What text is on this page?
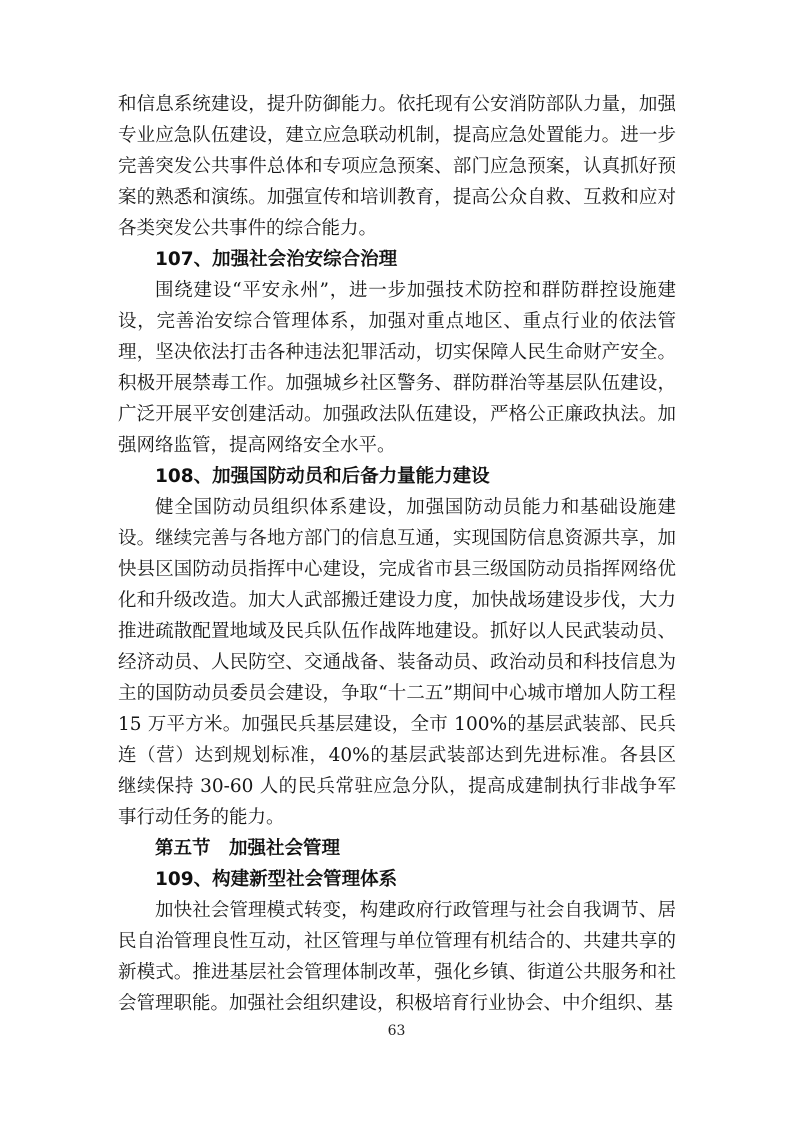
和信息系统建设，提升防御能力。依托现有公安消防部队力量，加强专业应急队伍建设，建立应急联动机制，提高应急处置能力。进一步完善突发公共事件总体和专项应急预案、部门应急预案，认真抓好预案的熟悉和演练。加强宣传和培训教育，提高公众自救、互救和应对各类突发公共事件的综合能力。

107、加强社会治安综合治理

围绕建设“平安永州”，进一步加强技术防控和群防群控设施建设，完善治安综合管理体系，加强对重点地区、重点行业的依法管理，坚决依法打击各种违法犯罪活动，切实保障人民生命财产安全。积极开展禁毒工作。加强城乡社区警务、群防群治等基层队伍建设，广泛开展平安创建活动。加强政法队伍建设，严格公正廉政执法。加强网络监管，提高网络安全水平。

108、加强国防动员和后备力量能力建设

健全国防动员组织体系建设，加强国防动员能力和基础设施建设。继续完善与各地方部门的信息互通，实现国防信息资源共享，加快县区国防动员指挥中心建设，完成省市县三级国防动员指挥网络优化和升级改造。加大人武部搬迁建设力度，加快战场建设步伐，大力推进疏散配置地域及民兵队伍作战阵地建设。抓好以人民武装动员、经济动员、人民防空、交通战备、装备动员、政治动员和科技信息为主的国防动员委员会建设，争取“十二五”期间中心城市增加人防工程 15 万平方米。加强民兵基层建设，全市 100%的基层武装部、民兵连（营）达到规划标准，40%的基层武装部达到先进标准。各县区继续保持 30-60 人的民兵常驻应急分队，提高成建制执行非战争军事行动任务的能力。

第五节　加强社会管理

109、构建新型社会管理体系

加快社会管理模式转变，构建政府行政管理与社会自我调节、居民自治管理良性互动，社区管理与单位管理有机结合的、共建共享的新模式。推进基层社会管理体制改革，强化乡镇、街道公共服务和社会管理职能。加强社会组织建设，积极培育行业协会、中介组织、基

63
